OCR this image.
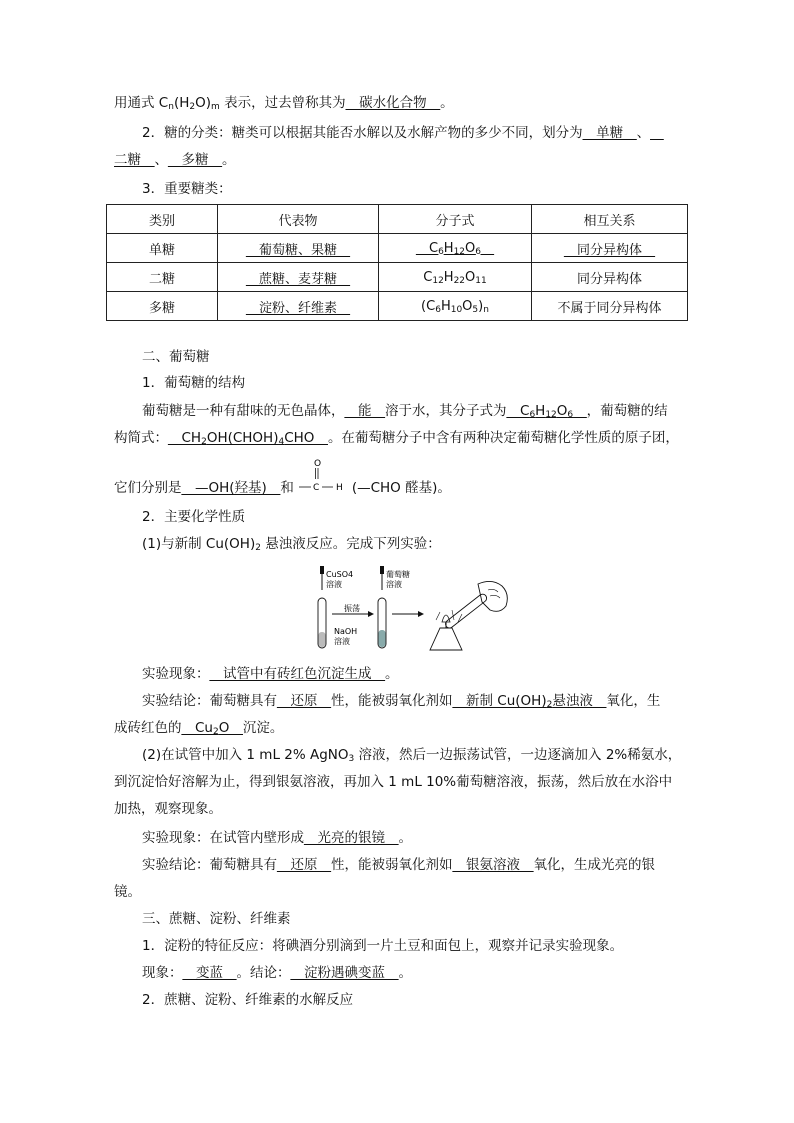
用通式 $C_n(H_2O)_m$ 表示，过去曾称其为__碳水化合物__。
2．糖的分类：糖类可以根据其能否水解以及水解产物的多少不同，划分为__单糖__、__
二糖__、__多糖__。
3．重要糖类：
类别	代表物	分子式	相互关系
单糖	__葡萄糖、果糖__	$\_\_C_6H_{12}O_6\_\_$	__同分异构体__
二糖	__蔗糖、麦芽糖__	$C_{12}H_{22}O_{11}$	同分异构体
多糖	__淀粉、纤维素__	$(C_6H_{10}O_5)_n$	不属于同分异构体
二、葡萄糖
1．葡萄糖的结构
葡萄糖是一种有甜味的无色晶体，__能__溶于水，其分子式为$\_\_C_6H_{12}O_6\_\_$，葡萄糖的结
构简式：$\_\_CH_2OH(CHOH)_4CHO\_\_$。在葡萄糖分子中含有两种决定葡萄糖化学性质的原子团，
O
C H
它们分别是__—OH(羟基)__和	(—CHO 醛基)。
2．主要化学性质
(1)与新制 $Cu(OH)_2$ 悬浊液反应。完成下列实验：
CuSO4
溶液
NaOH
溶液
振荡
葡萄糖
溶液
实验现象：__试管中有砖红色沉淀生成__。
实验结论：葡萄糖具有__还原__性，能被弱氧化剂如__新制 $Cu(OH)_2$悬浊液__氧化，生
成砖红色的$\_\_Cu_2O\_\_$沉淀。
(2)在试管中加入 1 mL 2% AgNO$_3$ 溶液，然后一边振荡试管，一边逐滴加入 2%稀氨水，
到沉淀恰好溶解为止，得到银氨溶液，再加入 1 mL 10%葡萄糖溶液，振荡，然后放在水浴中
加热，观察现象。
实验现象：在试管内壁形成__光亮的银镜__。
实验结论：葡萄糖具有__还原__性，能被弱氧化剂如__银氨溶液__氧化，生成光亮的银
镜。
三、蔗糖、淀粉、纤维素
1．淀粉的特征反应：将碘酒分别滴到一片土豆和面包上，观察并记录实验现象。
现象：__变蓝__。结论：__淀粉遇碘变蓝__。
2．蔗糖、淀粉、纤维素的水解反应
